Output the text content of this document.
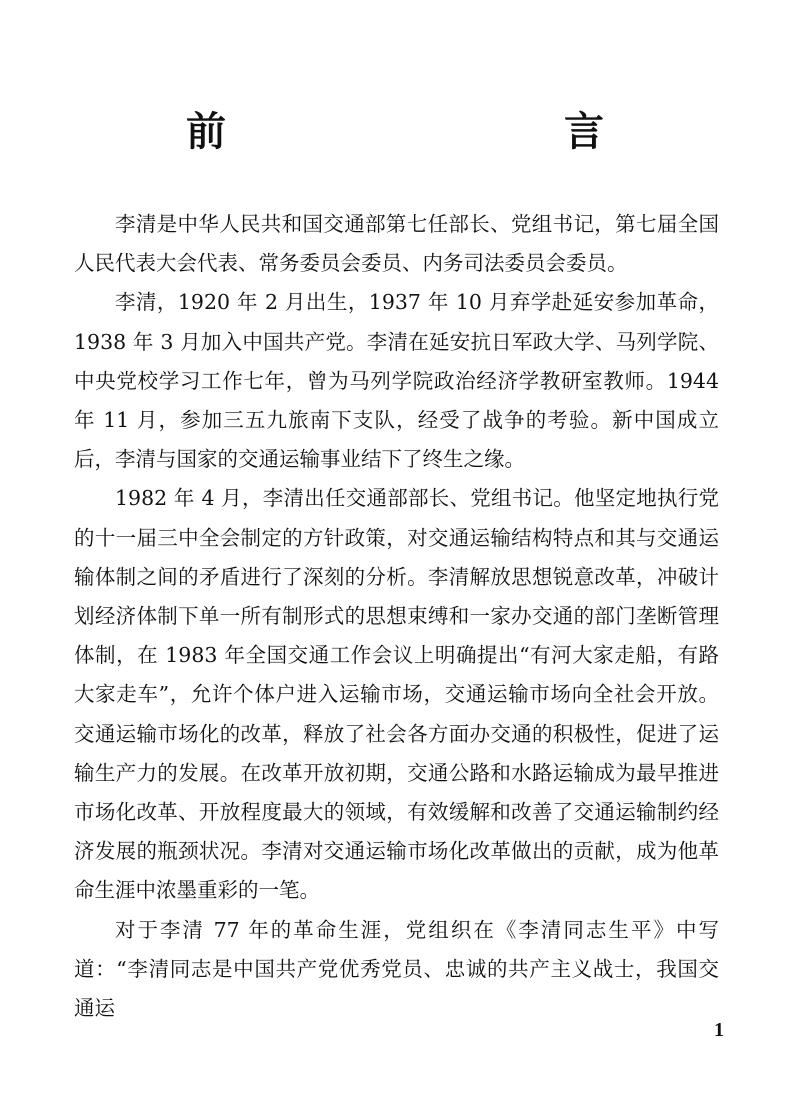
前　　言

李清是中华人民共和国交通部第七任部长、党组书记，第七届全国人民代表大会代表、常务委员会委员、内务司法委员会委员。

李清，1920 年 2 月出生，1937 年 10 月弃学赴延安参加革命，1938 年 3 月加入中国共产党。李清在延安抗日军政大学、马列学院、中央党校学习工作七年，曾为马列学院政治经济学教研室教师。1944 年 11 月，参加三五九旅南下支队，经受了战争的考验。新中国成立后，李清与国家的交通运输事业结下了终生之缘。

1982 年 4 月，李清出任交通部部长、党组书记。他坚定地执行党的十一届三中全会制定的方针政策，对交通运输结构特点和其与交通运输体制之间的矛盾进行了深刻的分析。李清解放思想锐意改革，冲破计划经济体制下单一所有制形式的思想束缚和一家办交通的部门垄断管理体制，在 1983 年全国交通工作会议上明确提出“有河大家走船，有路大家走车”，允许个体户进入运输市场，交通运输市场向全社会开放。交通运输市场化的改革，释放了社会各方面办交通的积极性，促进了运输生产力的发展。在改革开放初期，交通公路和水路运输成为最早推进市场化改革、开放程度最大的领域，有效缓解和改善了交通运输制约经济发展的瓶颈状况。李清对交通运输市场化改革做出的贡献，成为他革命生涯中浓墨重彩的一笔。

对于李清 77 年的革命生涯，党组织在《李清同志生平》中写道：“李清同志是中国共产党优秀党员、忠诚的共产主义战士，我国交通运

1
